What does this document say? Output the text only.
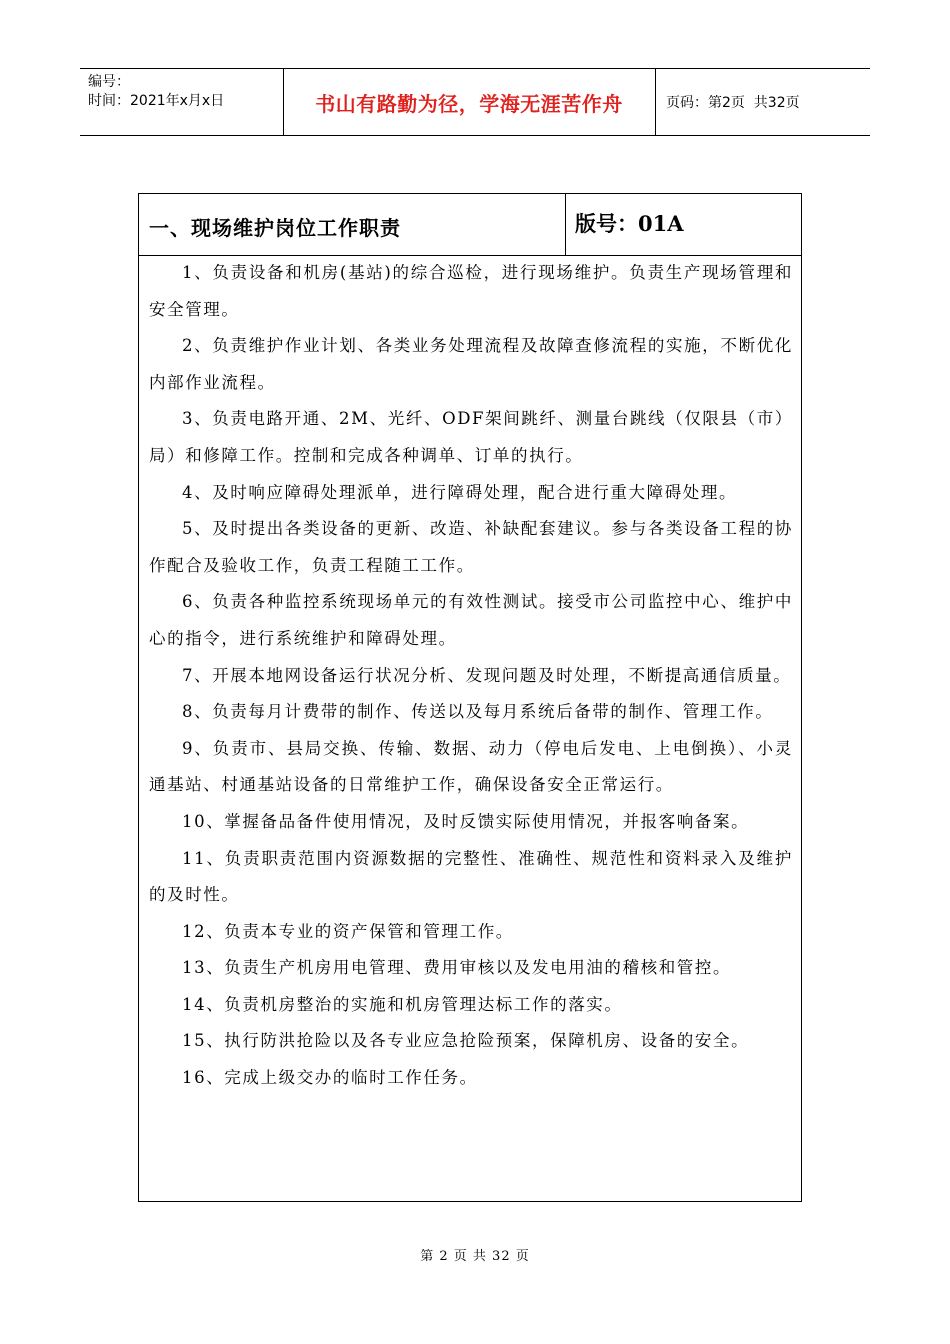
编号：
时间：2021年x月x日	书山有路勤为径，学海无涯苦作舟	页码：第2页  共32页
一、现场维护岗位工作职责	版号：01A

1、负责设备和机房(基站)的综合巡检，进行现场维护。负责生产现场管理和安全管理。

2、负责维护作业计划、各类业务处理流程及故障查修流程的实施，不断优化内部作业流程。

3、负责电路开通、2M、光纤、ODF架间跳纤、测量台跳线（仅限县（市）局）和修障工作。控制和完成各种调单、订单的执行。

4、及时响应障碍处理派单，进行障碍处理，配合进行重大障碍处理。

5、及时提出各类设备的更新、改造、补缺配套建议。参与各类设备工程的协作配合及验收工作，负责工程随工工作。

6、负责各种监控系统现场单元的有效性测试。接受市公司监控中心、维护中心的指令，进行系统维护和障碍处理。

7、开展本地网设备运行状况分析、发现问题及时处理，不断提高通信质量。

8、负责每月计费带的制作、传送以及每月系统后备带的制作、管理工作。

9、负责市、县局交换、传输、数据、动力（停电后发电、上电倒换）、小灵通基站、村通基站设备的日常维护工作，确保设备安全正常运行。

10、掌握备品备件使用情况，及时反馈实际使用情况，并报客响备案。

11、负责职责范围内资源数据的完整性、准确性、规范性和资料录入及维护的及时性。

12、负责本专业的资产保管和管理工作。

13、负责生产机房用电管理、费用审核以及发电用油的稽核和管控。

14、负责机房整治的实施和机房管理达标工作的落实。

15、执行防洪抢险以及各专业应急抢险预案，保障机房、设备的安全。

16、完成上级交办的临时工作任务。

第 2 页 共 32 页
